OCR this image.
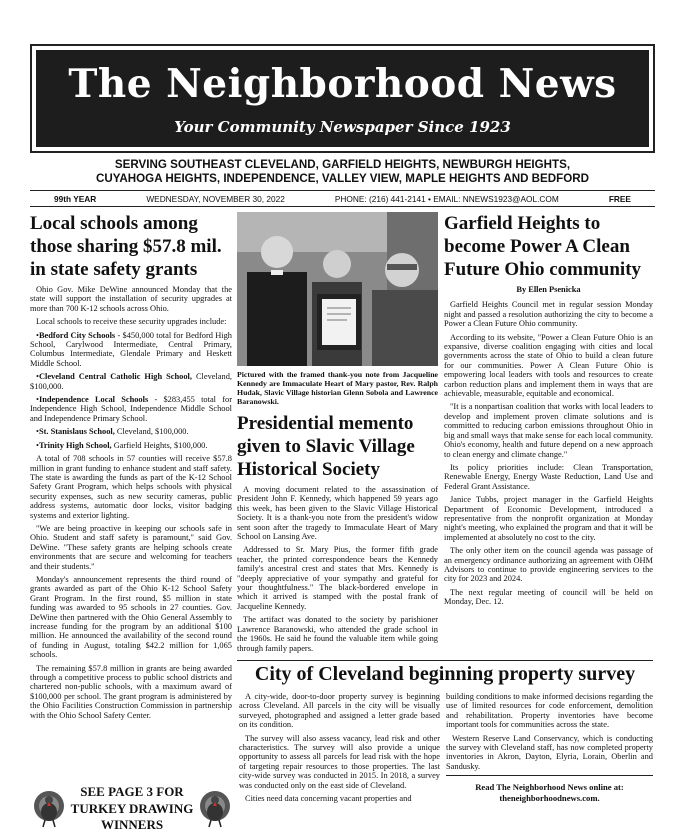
The Neighborhood News
Your Community Newspaper Since 1923
SERVING SOUTHEAST CLEVELAND, GARFIELD HEIGHTS, NEWBURGH HEIGHTS,
CUYAHOGA HEIGHTS, INDEPENDENCE, VALLEY VIEW, MAPLE HEIGHTS AND BEDFORD
99th YEAR	WEDNESDAY, NOVEMBER 30, 2022	PHONE: (216) 441-2141 • EMAIL: NNEWS1923@AOL.COM	FREE
Local schools among those sharing $57.8 mil. in state safety grants

Ohio Gov. Mike DeWine announced Monday that the state will support the installation of security upgrades at more than 700 K-12 schools across Ohio.

Local schools to receive these security upgrades include:

•Bedford City Schools - $450,000 total for Bedford High School, Carylwood Intermediate, Central Primary, Columbus Intermediate, Glendale Primary and Heskett Middle School.

•Cleveland Central Catholic High School, Cleveland, $100,000.

•Independence Local Schools - $283,455 total for Independence High School, Independence Middle School and Independence Primary School.

•St. Stanislaus School, Cleveland, $100,000.

•Trinity High School, Garfield Heights, $100,000.

A total of 708 schools in 57 counties will receive $57.8 million in grant funding to enhance student and staff safety. The state is awarding the funds as part of the K-12 School Safety Grant Program, which helps schools with physical security expenses, such as new security cameras, public address systems, automatic door locks, visitor badging systems and exterior lighting.

"We are being proactive in keeping our schools safe in Ohio. Student and staff safety is paramount," said Gov. DeWine. "These safety grants are helping schools create environments that are secure and welcoming for teachers and their students."

Monday's announcement represents the third round of grants awarded as part of the Ohio K-12 School Safety Grant Program. In the first round, $5 million in state funding was awarded to 95 schools in 27 counties. Gov. DeWine then partnered with the Ohio General Assembly to increase funding for the program by an additional $100 million. He announced the availability of the second round of funding in August, totaling $42.2 million for 1,065 schools.

The remaining $57.8 million in grants are being awarded through a competitive process to public school districts and chartered non-public schools, with a maximum award of $100,000 per school. The grant program is administered by the Ohio Facilities Construction Commission in partnership with the Ohio School Safety Center.

SEE PAGE 3 FOR TURKEY DRAWING WINNERS
Pictured with the framed thank-you note from Jacqueline Kennedy are Immaculate Heart of Mary pastor, Rev. Ralph Hudak, Slavic Village historian Glenn Sobola and Lawrence Baranowski.
Presidential memento given to Slavic Village Historical Society

A moving document related to the assassination of President John F. Kennedy, which happened 59 years ago this week, has been given to the Slavic Village Historical Society. It is a thank-you note from the president's widow sent soon after the tragedy to Immaculate Heart of Mary School on Lansing Ave.

Addressed to Sr. Mary Pius, the former fifth grade teacher, the printed correspondence bears the Kennedy family's ancestral crest and states that Mrs. Kennedy is "deeply appreciative of your sympathy and grateful for your thoughtfulness." The black-bordered envelope in which it arrived is stamped with the postal frank of Jacqueline Kennedy.

The artifact was donated to the society by parishioner Lawrence Baranowski, who attended the grade school in the 1960s. He said he found the valuable item while going through family papers.

Garfield Heights to become Power A Clean Future Ohio community
By Ellen Psenicka

Garfield Heights Council met in regular session Monday night and passed a resolution authorizing the city to become a Power a Clean Future Ohio community.

According to its website, "Power a Clean Future Ohio is an expansive, diverse coalition engaging with cities and local governments across the state of Ohio to build a clean future for our communities. Power A Clean Future Ohio is empowering local leaders with tools and resources to create carbon reduction plans and implement them in ways that are achievable, measurable, equitable and economical.

"It is a nonpartisan coalition that works with local leaders to develop and implement proven climate solutions and is committed to reducing carbon emissions throughout Ohio in big and small ways that make sense for each local community. Ohio's economy, health and future depend on a new approach to clean energy and climate change."

Its policy priorities include: Clean Transportation, Renewable Energy, Energy Waste Reduction, Land Use and Federal Grant Assistance.

Janice Tubbs, project manager in the Garfield Heights Department of Economic Development, introduced a representative from the nonprofit organization at Monday night's meeting, who explained the program and that it will be implemented at absolutely no cost to the city.

The only other item on the council agenda was passage of an emergency ordinance authorizing an agreement with OHM Advisors to continue to provide engineering services to the city for 2023 and 2024.

The next regular meeting of council will be held on Monday, Dec. 12.

City of Cleveland beginning property survey

A city-wide, door-to-door property survey is beginning across Cleveland. All parcels in the city will be visually surveyed, photographed and assigned a letter grade based on its condition.

The survey will also assess vacancy, lead risk and other characteristics. The survey will also provide a unique opportunity to assess all parcels for lead risk with the hope of targeting repair resources to those properties. The last city-wide survey was conducted in 2015. In 2018, a survey was conducted only on the east side of Cleveland.

Cities need data concerning vacant properties and

building conditions to make informed decisions regarding the use of limited resources for code enforcement, demolition and rehabilitation. Property inventories have become important tools for communities across the state.

Western Reserve Land Conservancy, which is conducting the survey with Cleveland staff, has now completed property inventories in Akron, Dayton, Elyria, Lorain, Oberlin and Sandusky.

Read The Neighborhood News online at:
theneighborhoodnews.com.
